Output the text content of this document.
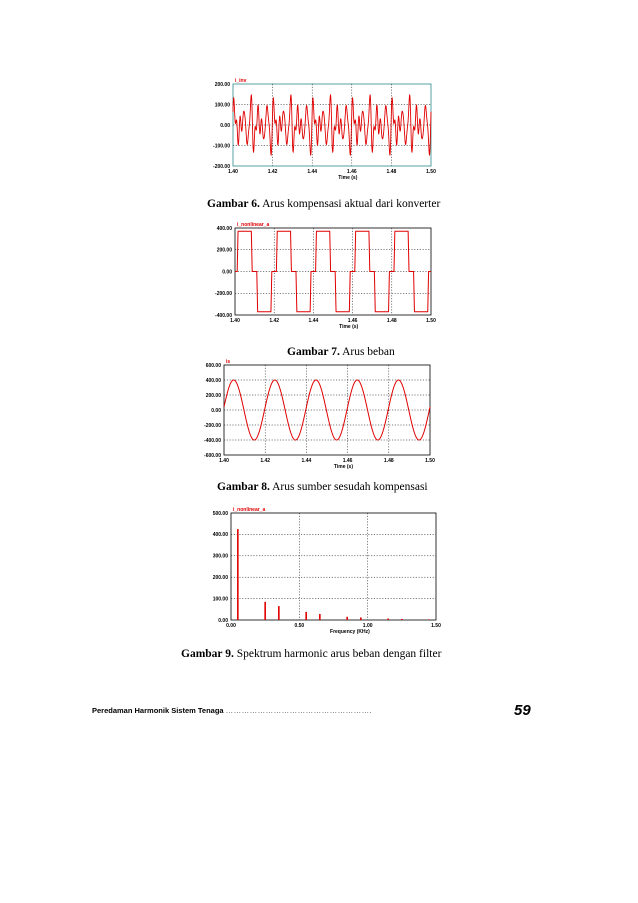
200.00
100.00
0.00
-100.00
-200.00
1.40	1.42	1.44	1.46	1.48	1.50
Time (s)
i_inv
Gambar 6. Arus kompensasi aktual dari konverter
400.00
200.00
0.00
-200.00
-400.00
1.40	1.42	1.44	1.46	1.48	1.50
Time (s)
i_nonlinear_a
Gambar 7. Arus beban
600.00
400.00
200.00
0.00
-200.00
-400.00
-600.00
1.40	1.42	1.44	1.46	1.48	1.50
Time (s)
is
Gambar 8. Arus sumber sesudah kompensasi
500.00
400.00
300.00
200.00
100.00
0.00
0.00	0.50	1.00	1.50
Frequency (KHz)
i_nonlinear_a
Gambar 9. Spektrum harmonic arus beban dengan filter
Peredaman Harmonik Sistem Tenaga ……………………………………………….	59
